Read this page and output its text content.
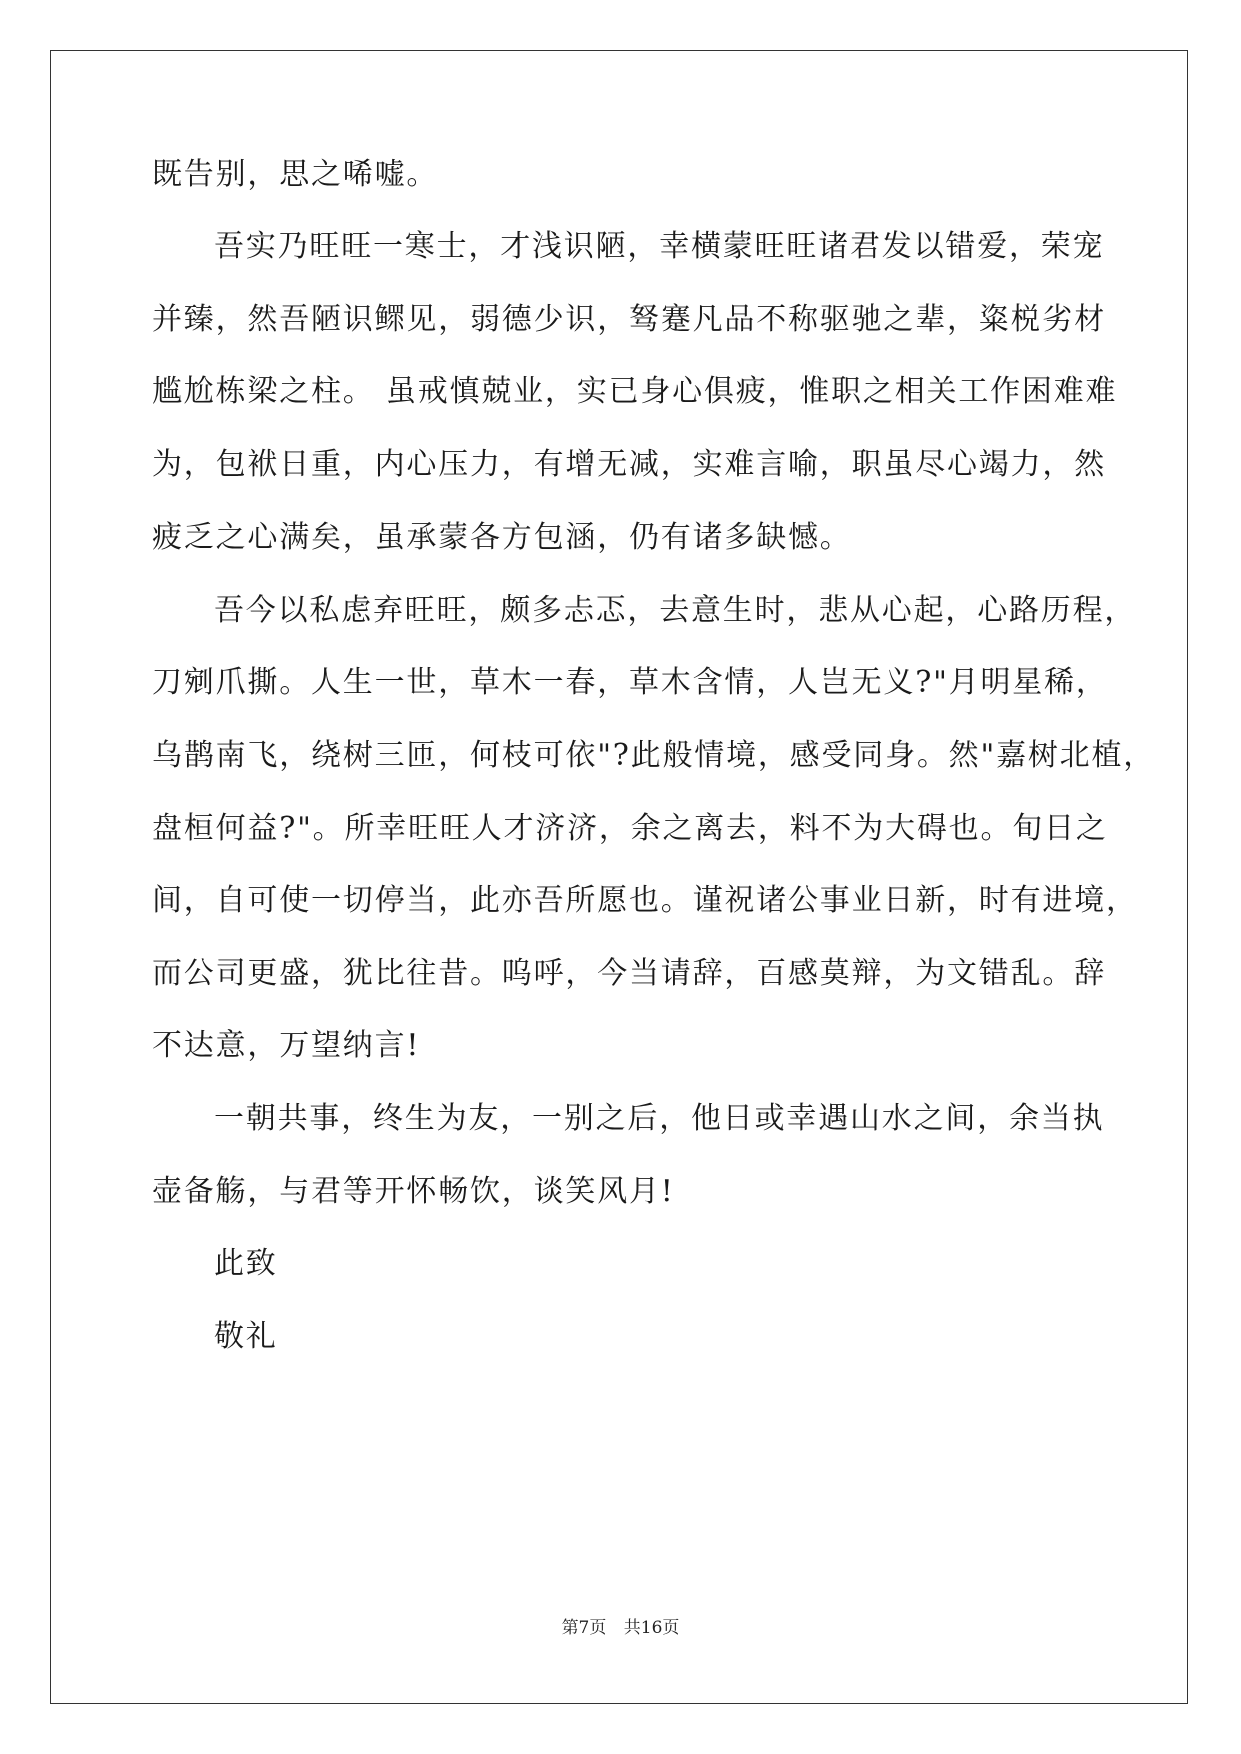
既告别，思之唏嘘。
吾实乃旺旺一寒士，才浅识陋，幸横蒙旺旺诸君发以错爱，荣宠
并臻，然吾陋识鳏见，弱德少识，驽蹇凡品不称驱驰之辈，粢棁劣材
尴尬栋梁之柱。 虽戒慎兢业，实已身心俱疲，惟职之相关工作困难难
为，包袱日重，内心压力，有增无减，实难言喻，职虽尽心竭力，然
疲乏之心满矣，虽承蒙各方包涵，仍有诸多缺憾。
吾今以私虑弃旺旺，颇多忐忑，去意生时，悲从心起，心路历程，
刀剜爪撕。人生一世，草木一春，草木含情，人岂无义?"月明星稀，
乌鹊南飞，绕树三匝，何枝可依"?此般情境，感受同身。然"嘉树北植，
盘桓何益?"。所幸旺旺人才济济，余之离去，料不为大碍也。旬日之
间，自可使一切停当，此亦吾所愿也。谨祝诸公事业日新，时有进境，
而公司更盛，犹比往昔。呜呼，今当请辞，百感莫辩，为文错乱。辞
不达意，万望纳言!
一朝共事，终生为友，一别之后，他日或幸遇山水之间，余当执
壶备觞，与君等开怀畅饮，谈笑风月!
此致
敬礼
第7页 共16页
